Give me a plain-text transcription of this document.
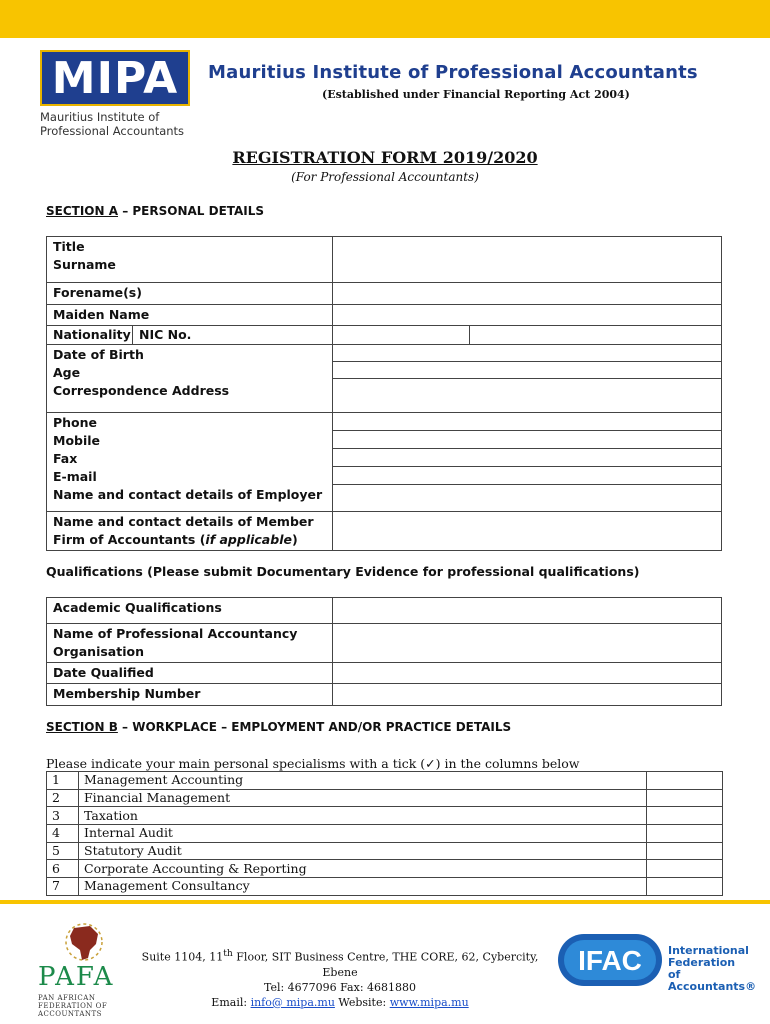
MIPA
Mauritius Institute of
Professional Accountants
Mauritius Institute of Professional Accountants
(Established under Financial Reporting Act 2004)
REGISTRATION FORM 2019/2020
(For Professional Accountants)
SECTION A – PERSONAL DETAILS
Title
Surname		

Forename(s)		
Maiden Name		

Nationality NIC No.		

Date of Birth
Age
Correspondence Address		

Phone
Mobile
Fax
E-mail
Name and contact details of Employer		

Name and contact details of Member
Firm of Accountants (if applicable)		

Qualifications (Please submit Documentary Evidence for professional qualifications)
Academic Qualifications	

Name of Professional Accountancy
Organisation	

Date Qualified	
Membership Number	
SECTION B – WORKPLACE – EMPLOYMENT AND/OR PRACTICE DETAILS
Please indicate your main personal specialisms with a tick (✓) in the columns below
1	Management Accounting	
2	Financial Management	
3	Taxation	
4	Internal Audit	
5	Statutory Audit	
6	Corporate Accounting & Reporting	
7	Management Consultancy	
PAFA
PAN AFRICAN FEDERATION OF ACCOUNTANTS
Suite 1104, 11th Floor, SIT Business Centre, THE CORE, 62, Cybercity, Ebene
Tel: 4677096 Fax: 4681880
Email: info@ mipa.mu Website: www.mipa.mu
IFAC International
Federation
of Accountants®
